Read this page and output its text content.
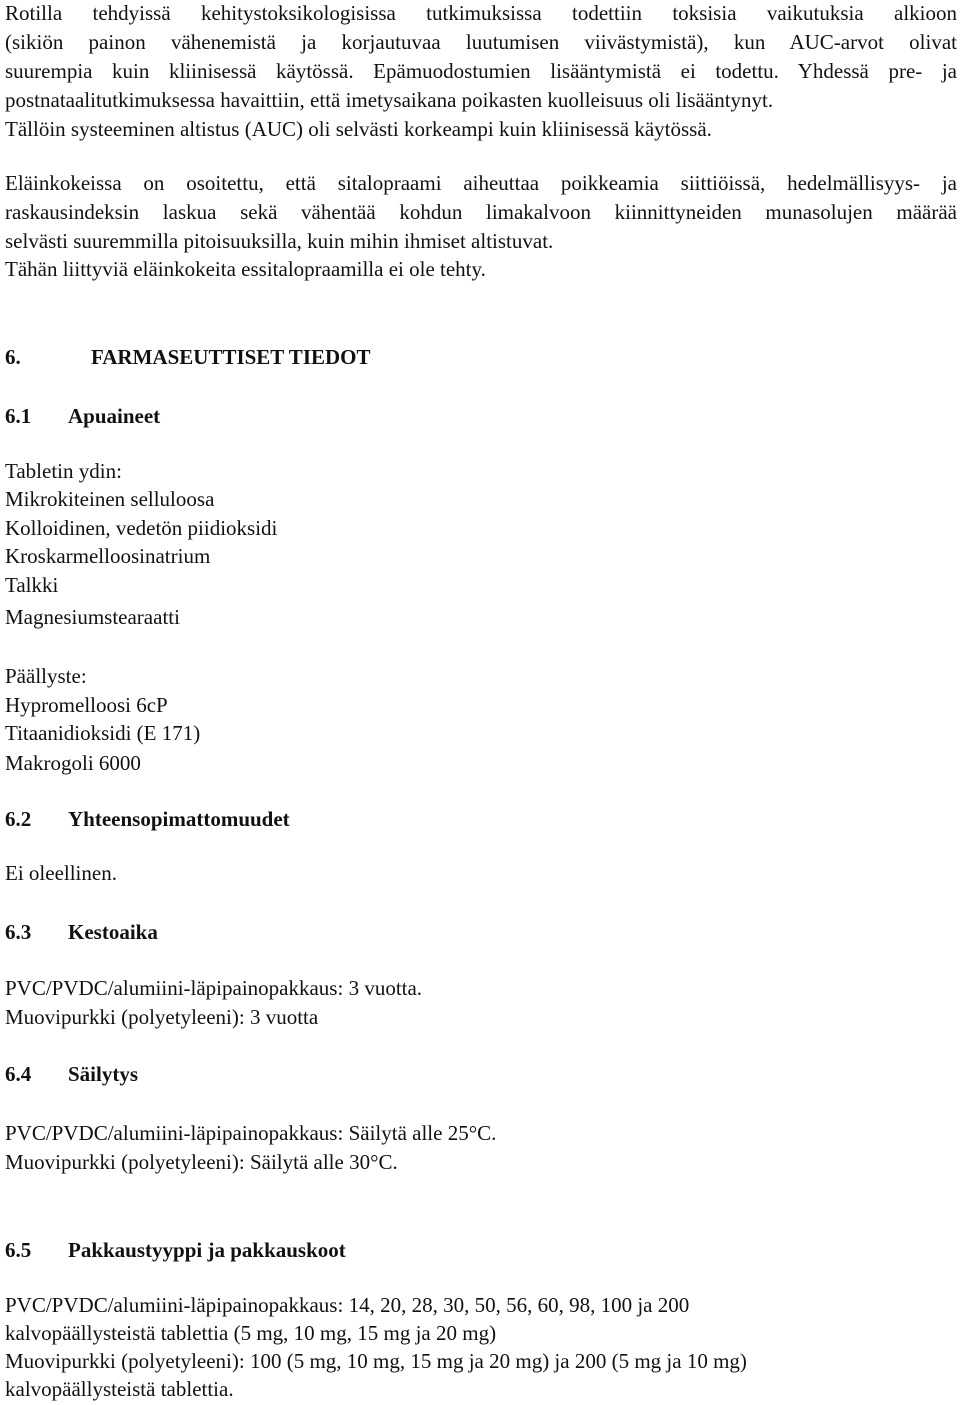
Rotilla tehdyissä kehitystoksikologisissa tutkimuksissa todettiin toksisia vaikutuksia alkioon
(sikiön painon vähenemistä ja korjautuvaa luutumisen viivästymistä), kun AUC-arvot olivat
suurempia kuin kliinisessä käytössä. Epämuodostumien lisääntymistä ei todettu. Yhdessä pre- ja
postnataalitutkimuksessa havaittiin, että imetysaikana poikasten kuolleisuus oli lisääntynyt.
Tällöin systeeminen altistus (AUC) oli selvästi korkeampi kuin kliinisessä käytössä.
Eläinkokeissa on osoitettu, että sitalopraami aiheuttaa poikkeamia siittiöissä, hedelmällisyys- ja
raskausindeksin laskua sekä vähentää kohdun limakalvoon kiinnittyneiden munasolujen määrää
selvästi suuremmilla pitoisuuksilla, kuin mihin ihmiset altistuvat.
Tähän liittyviä eläinkokeita essitalopraamilla ei ole tehty.
6.	FARMASEUTTISET TIEDOT
6.1 Apuaineet
Tabletin ydin:
Mikrokiteinen selluloosa
Kolloidinen, vedetön piidioksidi
Kroskarmelloosinatrium
Talkki
Magnesiumstearaatti
Päällyste:
Hypromelloosi 6cP
Titaanidioksidi (E 171)
Makrogoli 6000
6.2 Yhteensopimattomuudet
Ei oleellinen.
6.3 Kestoaika
PVC/PVDC/alumiini-läpipainopakkaus: 3 vuotta.
Muovipurkki (polyetyleeni): 3 vuotta
6.4 Säilytys
PVC/PVDC/alumiini-läpipainopakkaus: Säilytä alle 25°C.
Muovipurkki (polyetyleeni): Säilytä alle 30°C.
6.5 Pakkaustyyppi ja pakkauskoot
PVC/PVDC/alumiini-läpipainopakkaus: 14, 20, 28, 30, 50, 56, 60, 98, 100 ja 200
kalvopäällysteistä tablettia (5 mg, 10 mg, 15 mg ja 20 mg)
Muovipurkki (polyetyleeni): 100 (5 mg, 10 mg, 15 mg ja 20 mg) ja 200 (5 mg ja 10 mg)
kalvopäällysteistä tablettia.
